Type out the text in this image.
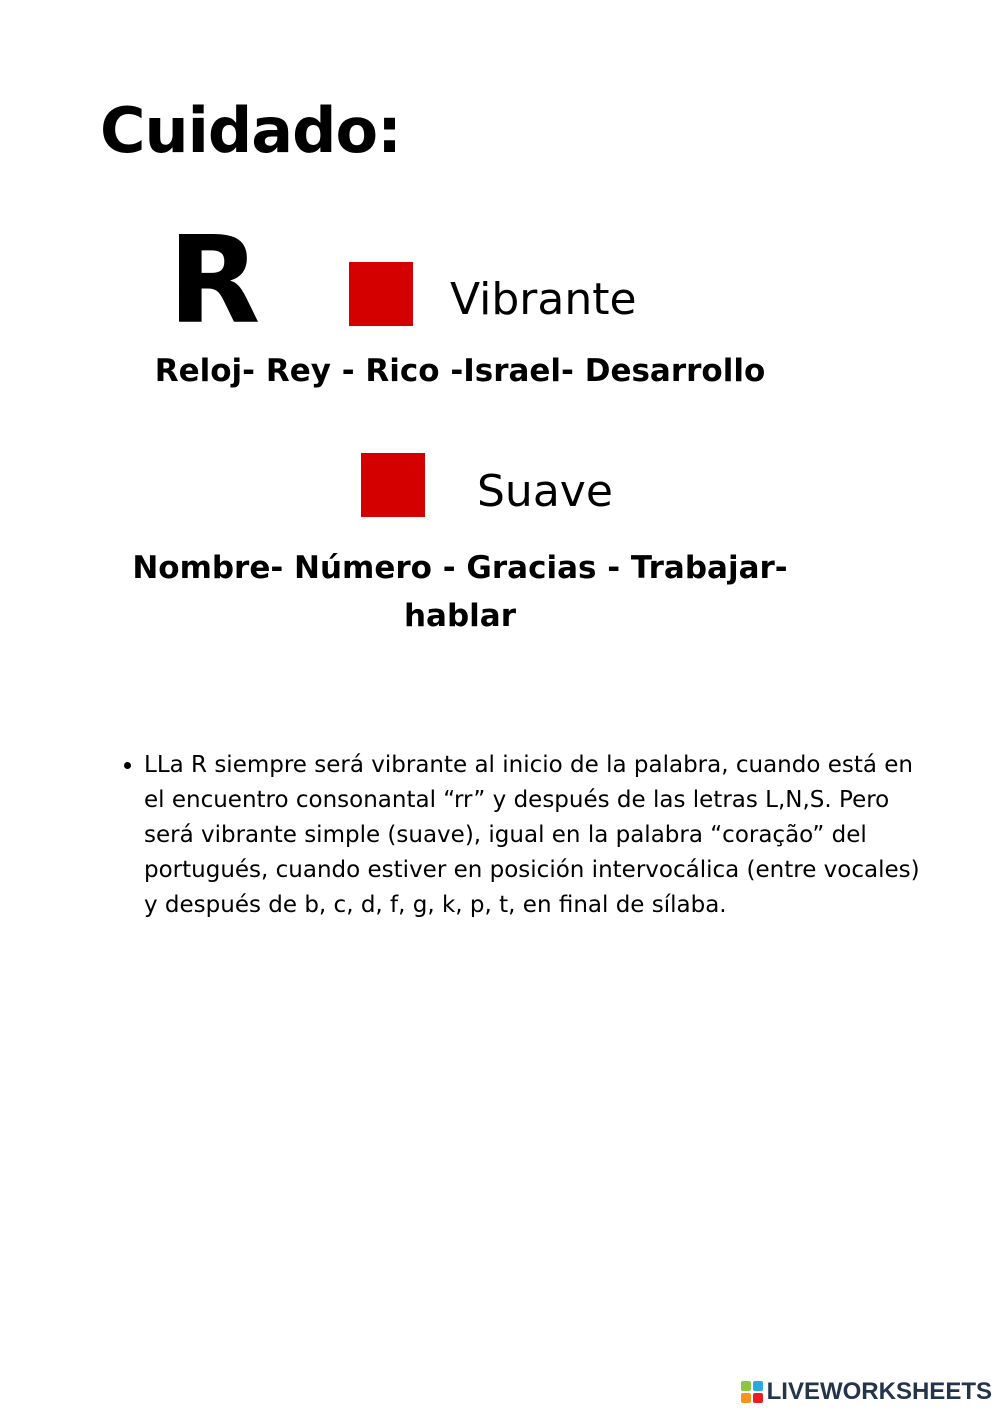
Cuidado:
R	Vibrante
Reloj- Rey - Rico -Israel- Desarrollo
Suave
Nombre- Número - Gracias - Trabajar- hablar
• LLa R siempre será vibrante al inicio de la palabra, cuando está en el encuentro consonantal “rr” y después de las letras L,N,S. Pero será vibrante simple (suave), igual en la palabra “coração” del portugués, cuando estiver en posición intervocálica (entre vocales) y después de b, c, d, f, g, k, p, t, en final de sílaba.
LIVEWORKSHEETS
